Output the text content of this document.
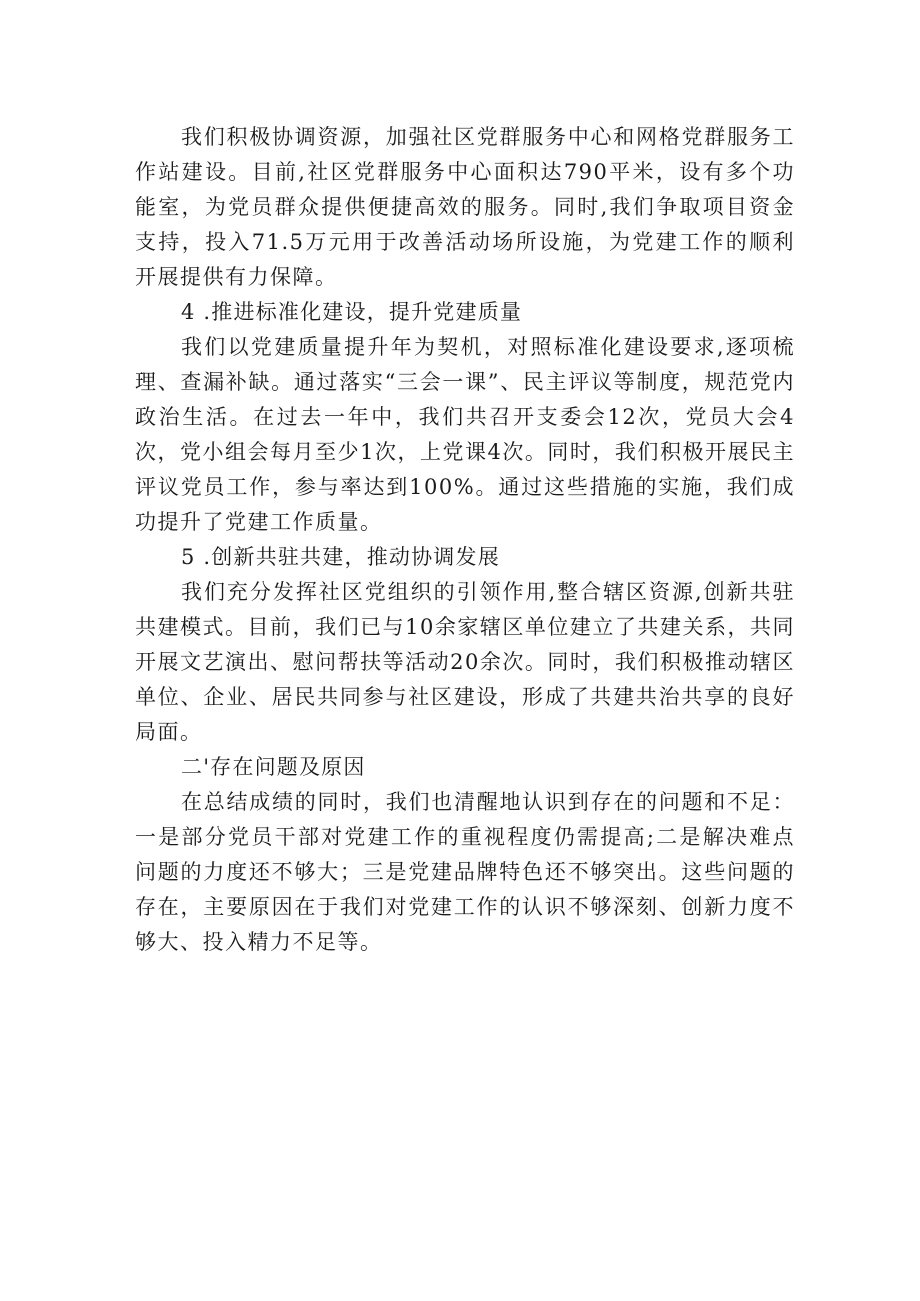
我们积极协调资源，加强社区党群服务中心和网格党群服务工作站建设。目前,社区党群服务中心面积达790平米，设有多个功能室，为党员群众提供便捷高效的服务。同时,我们争取项目资金支持，投入71.5万元用于改善活动场所设施，为党建工作的顺利开展提供有力保障。

4 .推进标准化建设，提升党建质量

我们以党建质量提升年为契机，对照标准化建设要求,逐项梳理、查漏补缺。通过落实“三会一课”、民主评议等制度，规范党内政治生活。在过去一年中，我们共召开支委会12次，党员大会4次，党小组会每月至少1次，上党课4次。同时，我们积极开展民主评议党员工作，参与率达到100%。通过这些措施的实施，我们成功提升了党建工作质量。

5 .创新共驻共建，推动协调发展

我们充分发挥社区党组织的引领作用,整合辖区资源,创新共驻共建模式。目前，我们已与10余家辖区单位建立了共建关系，共同开展文艺演出、慰问帮扶等活动20余次。同时，我们积极推动辖区单位、企业、居民共同参与社区建设，形成了共建共治共享的良好局面。

二'存在问题及原因

在总结成绩的同时，我们也清醒地认识到存在的问题和不足：一是部分党员干部对党建工作的重视程度仍需提高;二是解决难点问题的力度还不够大；三是党建品牌特色还不够突出。这些问题的存在，主要原因在于我们对党建工作的认识不够深刻、创新力度不够大、投入精力不足等。
